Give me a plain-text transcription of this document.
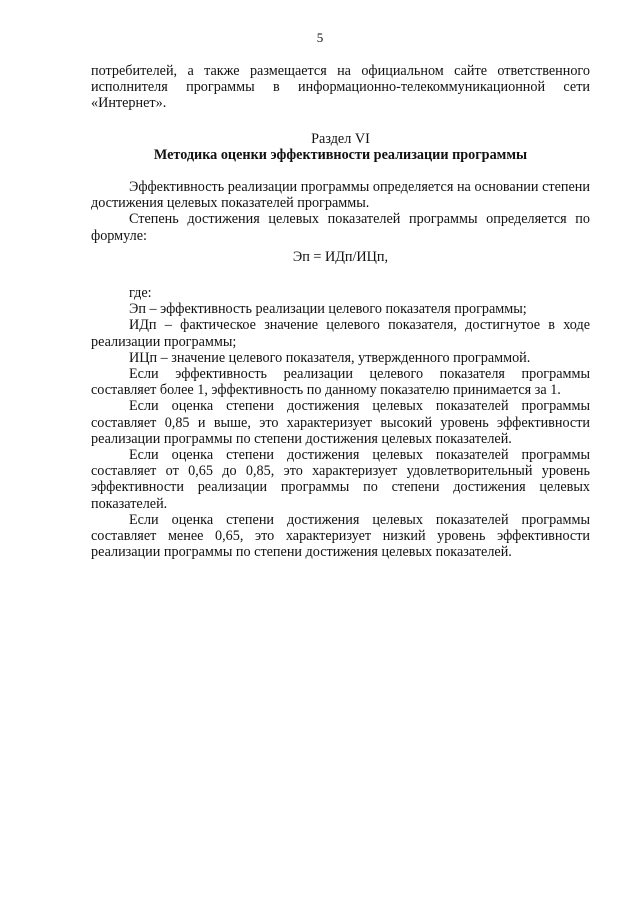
5

потребителей, а также размещается на официальном сайте ответственного исполнителя программы в информационно-телекоммуникационной сети «Интернет».

Раздел VI

Методика оценки эффективности реализации программы

Эффективность реализации программы определяется на основании степени достижения целевых показателей программы.

Степень достижения целевых показателей программы определяется по формуле:

Эп = ИДп/ИЦп,

где:

Эп – эффективность реализации целевого показателя программы;

ИДп – фактическое значение целевого показателя, достигнутое в ходе реализации программы;

ИЦп – значение целевого показателя, утвержденного программой.

Если эффективность реализации целевого показателя программы составляет более 1, эффективность по данному показателю принимается за 1.

Если оценка степени достижения целевых показателей программы составляет 0,85 и выше, это характеризует высокий уровень эффективности реализации программы по степени достижения целевых показателей.

Если оценка степени достижения целевых показателей программы составляет от 0,65 до 0,85, это характеризует удовлетворительный уровень эффективности реализации программы по степени достижения целевых показателей.

Если оценка степени достижения целевых показателей программы составляет менее 0,65, это характеризует низкий уровень эффективности реализации программы по степени достижения целевых показателей.
